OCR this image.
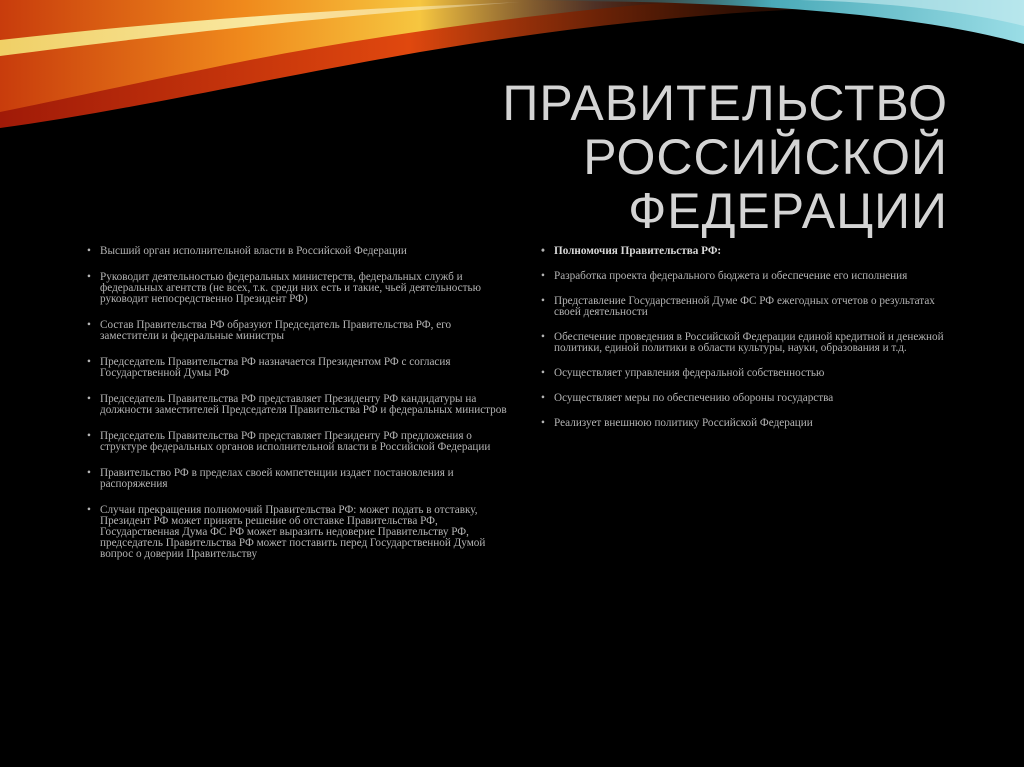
ПРАВИТЕЛЬСТВО
РОССИЙСКОЙ
ФЕДЕРАЦИИ
• Высший орган исполнительной власти в Российской Федерации
• Руководит деятельностью федеральных министерств, федеральных служб и федеральных агентств (не всех, т.к. среди них есть и такие, чьей деятельностью руководит непосредственно Президент РФ)
• Состав Правительства РФ образуют Председатель Правительства РФ, его заместители и федеральные министры
• Председатель Правительства РФ назначается Президентом РФ с согласия Государственной Думы РФ
• Председатель Правительства РФ представляет Президенту РФ кандидатуры на должности заместителей Председателя Правительства РФ и федеральных министров
• Председатель Правительства РФ представляет Президенту РФ предложения о структуре федеральных органов исполнительной власти в Российской Федерации
• Правительство РФ в пределах своей компетенции издает постановления и распоряжения
• Случаи прекращения полномочий Правительства РФ: может подать в отставку, Президент РФ может принять решение об отставке Правительства РФ, Государственная Дума ФС РФ может выразить недоверие Правительству РФ, председатель Правительства РФ может поставить перед Государственной Думой вопрос о доверии Правительству
• Полномочия Правительства РФ:
• Разработка проекта федерального бюджета и обеспечение его исполнения
• Представление Государственной Думе ФС РФ ежегодных отчетов о результатах своей деятельности
• Обеспечение проведения в Российской Федерации единой кредитной и денежной политики, единой политики в области культуры, науки, образования и т.д.
• Осуществляет управления федеральной собственностью
• Осуществляет меры по обеспечению обороны государства
• Реализует внешнюю политику Российской Федерации
